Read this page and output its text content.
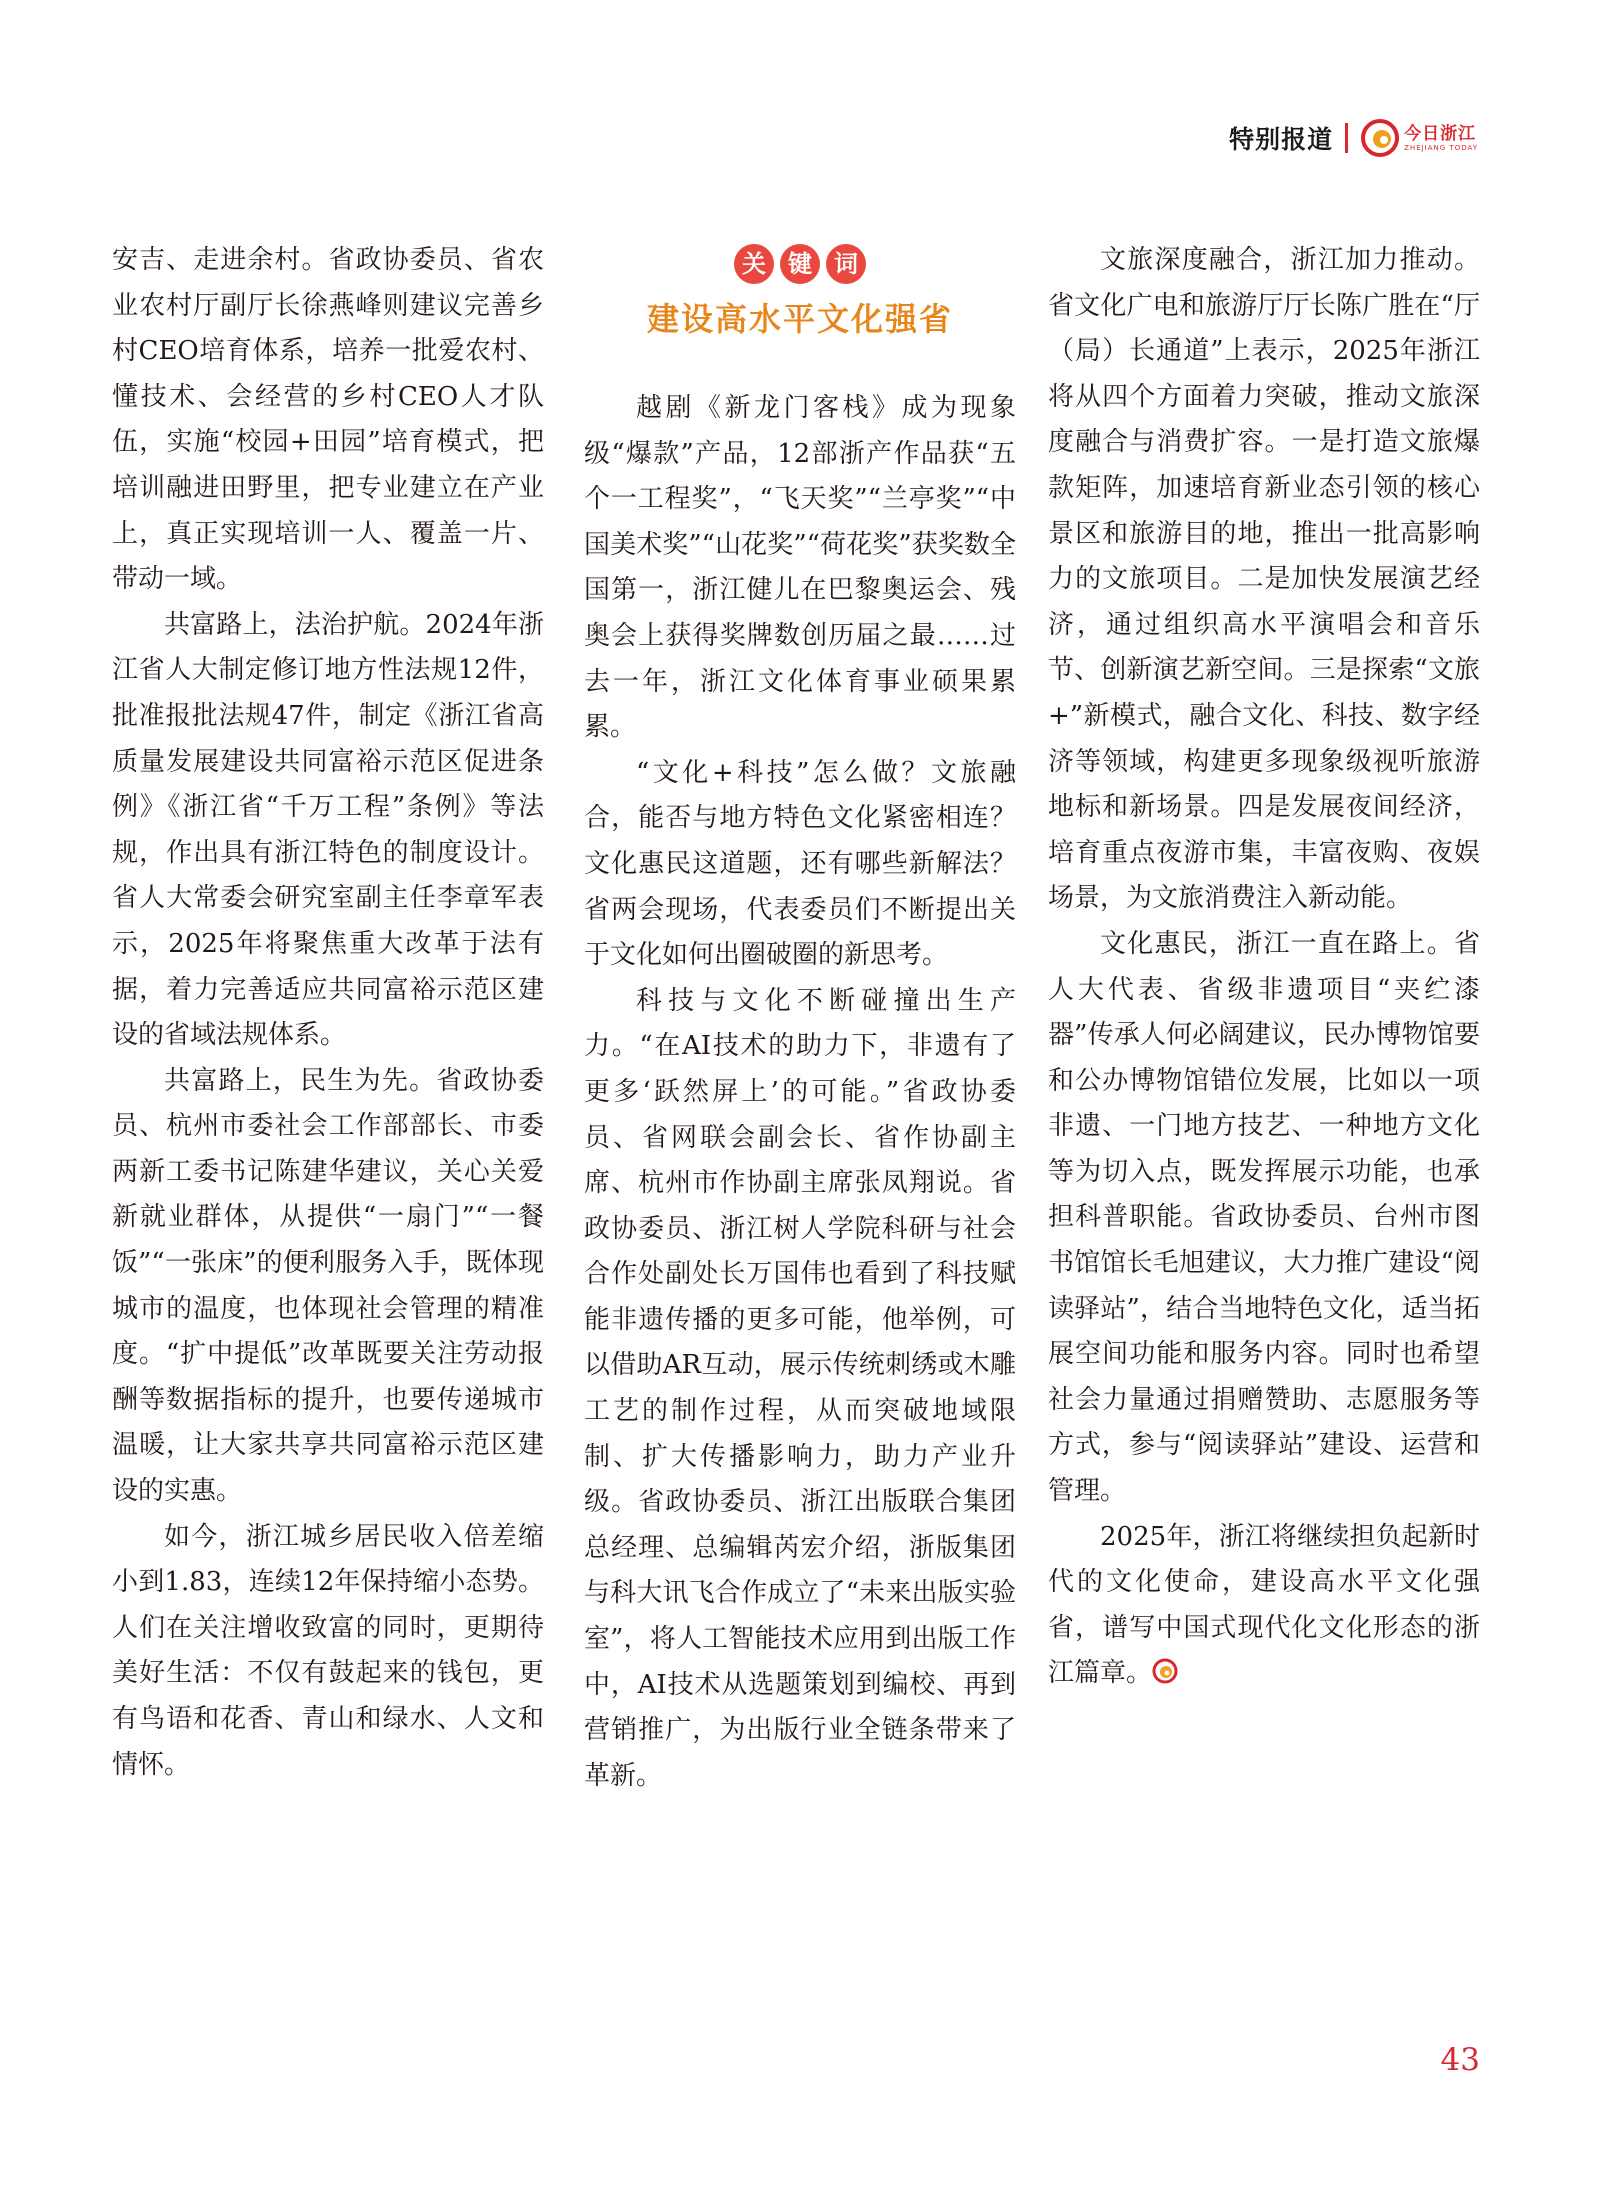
特别报道	今日浙江
ZHEJIANG TODAY

安吉、走进余村。省政协委员、省农业农村厅副厅长徐燕峰则建议完善乡村CEO培育体系，培养一批爱农村、懂技术、会经营的乡村CEO人才队伍，实施“校园+田园”培育模式，把培训融进田野里，把专业建立在产业上，真正实现培训一人、覆盖一片、带动一域。

共富路上，法治护航。2024年浙江省人大制定修订地方性法规12件，批准报批法规47件，制定《浙江省高质量发展建设共同富裕示范区促进条例》《浙江省“千万工程”条例》等法规，作出具有浙江特色的制度设计。省人大常委会研究室副主任李章军表示，2025年将聚焦重大改革于法有据，着力完善适应共同富裕示范区建设的省域法规体系。

共富路上，民生为先。省政协委员、杭州市委社会工作部部长、市委两新工委书记陈建华建议，关心关爱新就业群体，从提供“一扇门”“一餐饭”“一张床”的便利服务入手，既体现城市的温度，也体现社会管理的精准度。“扩中提低”改革既要关注劳动报酬等数据指标的提升，也要传递城市温暖，让大家共享共同富裕示范区建设的实惠。

如今，浙江城乡居民收入倍差缩小到1.83，连续12年保持缩小态势。人们在关注增收致富的同时，更期待美好生活：不仅有鼓起来的钱包，更有鸟语和花香、青山和绿水、人文和情怀。

关 键 词
建设高水平文化强省

越剧《新龙门客栈》成为现象级“爆款”产品，12部浙产作品获“五个一工程奖”，“飞天奖”“兰亭奖”“中国美术奖”“山花奖”“荷花奖”获奖数全国第一，浙江健儿在巴黎奥运会、残奥会上获得奖牌数创历届之最……过去一年，浙江文化体育事业硕果累累。

“文化+科技”怎么做？文旅融合，能否与地方特色文化紧密相连？文化惠民这道题，还有哪些新解法？省两会现场，代表委员们不断提出关于文化如何出圈破圈的新思考。

科技与文化不断碰撞出生产力。“在AI技术的助力下，非遗有了更多‘跃然屏上’的可能。”省政协委员、省网联会副会长、省作协副主席、杭州市作协副主席张凤翔说。省政协委员、浙江树人学院科研与社会合作处副处长万国伟也看到了科技赋能非遗传播的更多可能，他举例，可以借助AR互动，展示传统刺绣或木雕工艺的制作过程，从而突破地域限制、扩大传播影响力，助力产业升级。省政协委员、浙江出版联合集团总经理、总编辑芮宏介绍，浙版集团与科大讯飞合作成立了“未来出版实验室”，将人工智能技术应用到出版工作中，AI技术从选题策划到编校、再到营销推广，为出版行业全链条带来了革新。

文旅深度融合，浙江加力推动。省文化广电和旅游厅厅长陈广胜在“厅（局）长通道”上表示，2025年浙江将从四个方面着力突破，推动文旅深度融合与消费扩容。一是打造文旅爆款矩阵，加速培育新业态引领的核心景区和旅游目的地，推出一批高影响力的文旅项目。二是加快发展演艺经济，通过组织高水平演唱会和音乐节、创新演艺新空间。三是探索“文旅+”新模式，融合文化、科技、数字经济等领域，构建更多现象级视听旅游地标和新场景。四是发展夜间经济，培育重点夜游市集，丰富夜购、夜娱场景，为文旅消费注入新动能。

文化惠民，浙江一直在路上。省人大代表、省级非遗项目“夹纻漆器”传承人何必阔建议，民办博物馆要和公办博物馆错位发展，比如以一项非遗、一门地方技艺、一种地方文化等为切入点，既发挥展示功能，也承担科普职能。省政协委员、台州市图书馆馆长毛旭建议，大力推广建设“阅读驿站”，结合当地特色文化，适当拓展空间功能和服务内容。同时也希望社会力量通过捐赠赞助、志愿服务等方式，参与“阅读驿站”建设、运营和管理。

2025年，浙江将继续担负起新时代的文化使命，建设高水平文化强省，谱写中国式现代化文化形态的浙江篇章。

43
